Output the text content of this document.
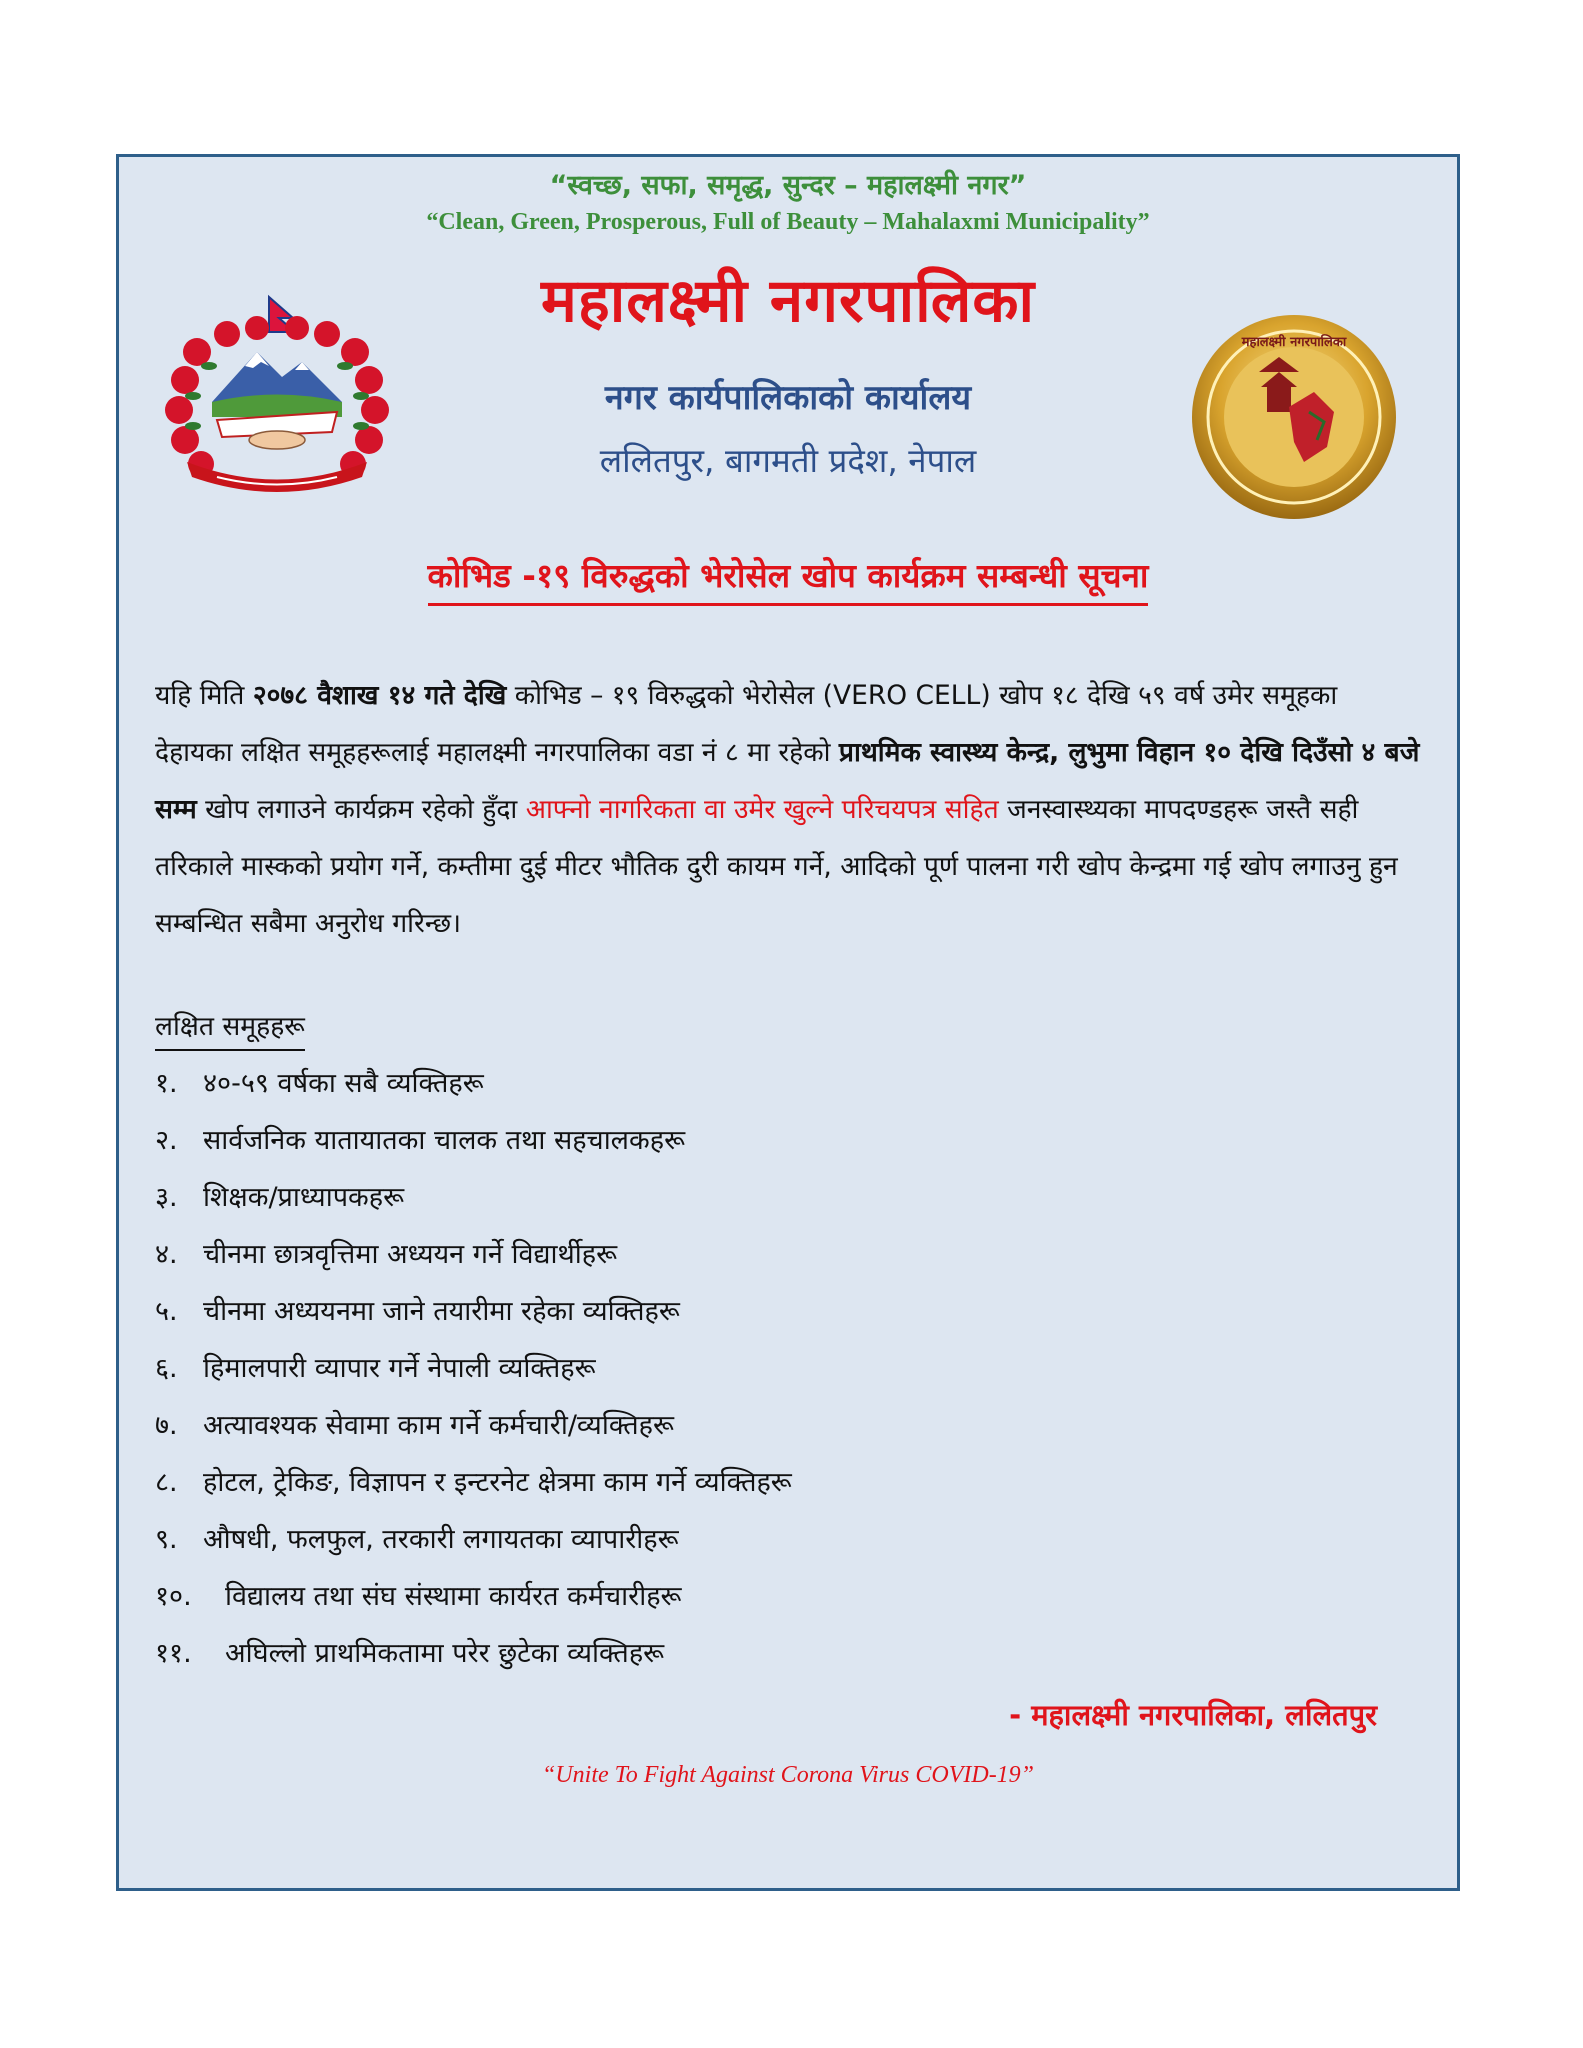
“स्वच्छ, सफा, समृद्ध, सुन्दर – महालक्ष्मी नगर”
“Clean, Green, Prosperous, Full of Beauty – Mahalaxmi Municipality”
महालक्ष्मी नगरपालिका
नगर कार्यपालिकाको कार्यालय
ललितपुर, बागमती प्रदेश, नेपाल
महालक्ष्मी नगरपालिका
कोभिड -१९ विरुद्धको भेरोसेल खोप कार्यक्रम सम्बन्धी सूचना
यहि मिति २०७८ वैशाख १४ गते देखि कोभिड – १९ विरुद्धको भेरोसेल (VERO CELL) खोप १८ देखि ५९ वर्ष उमेर समूहका देहायका लक्षित समूहहरूलाई महालक्ष्मी नगरपालिका वडा नं ८ मा रहेको प्राथमिक स्वास्थ्य केन्द्र, लुभुमा विहान १० देखि दिउँसो ४ बजे सम्म खोप लगाउने कार्यक्रम रहेको हुँदा आफ्नो नागरिकता वा उमेर खुल्ने परिचयपत्र सहित जनस्वास्थ्यका मापदण्डहरू जस्तै सही तरिकाले मास्कको प्रयोग गर्ने, कम्तीमा दुई मीटर भौतिक दुरी कायम गर्ने, आदिको पूर्ण पालना गरी खोप केन्द्रमा गई खोप लगाउनु हुन सम्बन्धित सबैमा अनुरोध गरिन्छ।
लक्षित समूहहरू
१. ४०-५९ वर्षका सबै व्यक्तिहरू
२. सार्वजनिक यातायातका चालक तथा सहचालकहरू
३. शिक्षक/प्राध्यापकहरू
४. चीनमा छात्रवृत्तिमा अध्ययन गर्ने विद्यार्थीहरू
५. चीनमा अध्ययनमा जाने तयारीमा रहेका व्यक्तिहरू
६. हिमालपारी व्यापार गर्ने नेपाली व्यक्तिहरू
७. अत्यावश्यक सेवामा काम गर्ने कर्मचारी/व्यक्तिहरू
८. होटल, ट्रेकिङ, विज्ञापन र इन्टरनेट क्षेत्रमा काम गर्ने व्यक्तिहरू
९. औषधी, फलफुल, तरकारी लगायतका व्यापारीहरू
१०.	विद्यालय तथा संघ संस्थामा कार्यरत कर्मचारीहरू
११.	अघिल्लो प्राथमिकतामा परेर छुटेका व्यक्तिहरू
- महालक्ष्मी नगरपालिका, ललितपुर
“Unite To Fight Against Corona Virus COVID-19”
